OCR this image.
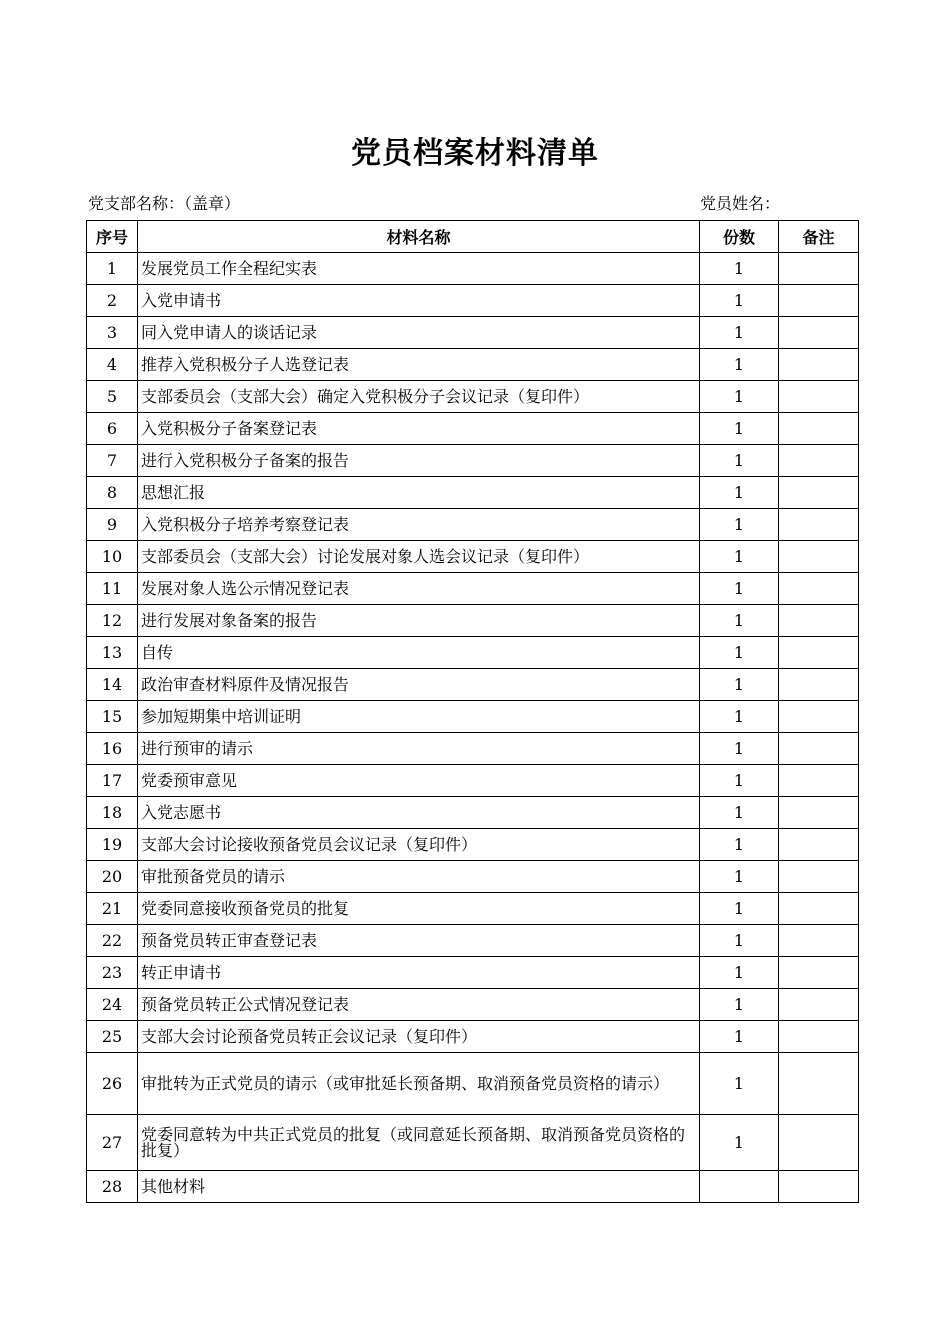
党员档案材料清单
党支部名称：（盖章）	党员姓名：
序号	材料名称	份数	备注
1	发展党员工作全程纪实表	1	
2	入党申请书	1	
3	同入党申请人的谈话记录	1	
4	推荐入党积极分子人选登记表	1	
5	支部委员会（支部大会）确定入党积极分子会议记录（复印件）	1	
6	入党积极分子备案登记表	1	
7	进行入党积极分子备案的报告	1	
8	思想汇报	1	
9	入党积极分子培养考察登记表	1	
10	支部委员会（支部大会）讨论发展对象人选会议记录（复印件）	1	
11	发展对象人选公示情况登记表	1	
12	进行发展对象备案的报告	1	
13	自传	1	
14	政治审查材料原件及情况报告	1	
15	参加短期集中培训证明	1	
16	进行预审的请示	1	
17	党委预审意见	1	
18	入党志愿书	1	
19	支部大会讨论接收预备党员会议记录（复印件）	1	
20	审批预备党员的请示	1	
21	党委同意接收预备党员的批复	1	
22	预备党员转正审查登记表	1	
23	转正申请书	1	
24	预备党员转正公式情况登记表	1	
25	支部大会讨论预备党员转正会议记录（复印件）	1	
26	审批转为正式党员的请示（或审批延长预备期、取消预备党员资格的请示）	1	
27	党委同意转为中共正式党员的批复（或同意延长预备期、取消预备党员资格的批复）	1	
28	其他材料		
